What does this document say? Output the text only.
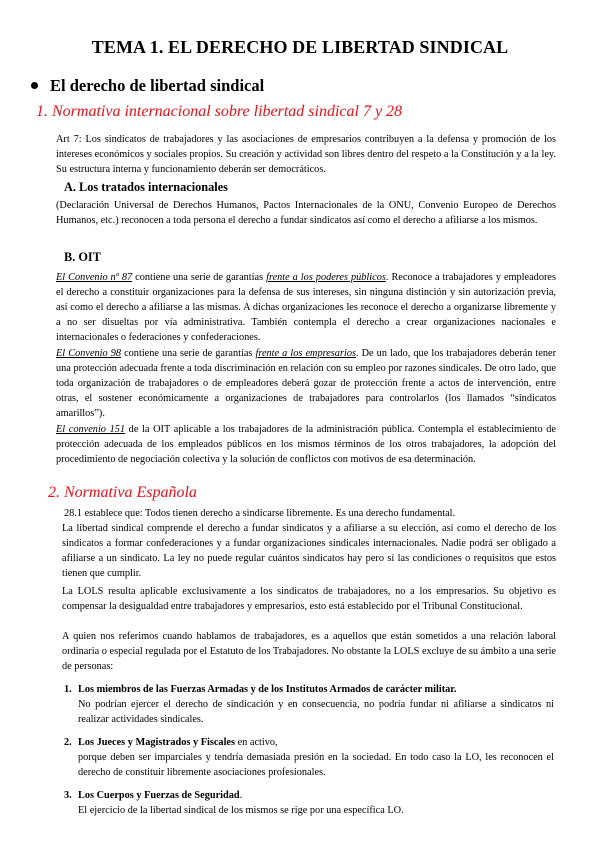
TEMA 1. EL DERECHO DE LIBERTAD SINDICAL
El derecho de libertad sindical
1. Normativa internacional sobre libertad sindical 7 y 28

Art 7: Los sindicatos de trabajadores y las asociaciones de empresarios contribuyen a la defensa y promoción de los intereses económicos y sociales propios. Su creación y actividad son libres dentro del respeto a la Constitución y a la ley. Su estructura interna y funcionamiento deberán ser democráticos.

A. Los tratados internacionales

(Declaración Universal de Derechos Humanos, Pactos Internacionales de la ONU, Convenio Europeo de Derechos Humanos, etc.) reconocen a toda persona el derecho a fundar sindicatos así como el derecho a afiliarse a los mismos.

B. OIT

El Convenio nº 87 contiene una serie de garantías frente a los poderes públicos. Reconoce a trabajadores y empleadores el derecho a constituir organizaciones para la defensa de sus intereses, sin ninguna distinción y sin autorización previa, así como el derecho a afiliarse a las mismas. A dichas organizaciones les reconoce el derecho a organizarse libremente y a no ser disueltas por vía administrativa. También contempla el derecho a crear organizaciones nacionales e internacionales o federaciones y confederaciones.

El Convenio 98 contiene una serie de garantías frente a los empresarios. De un lado, que los trabajadores deberán tener una protección adecuada frente a toda discriminación en relación con su empleo por razones sindicales. De otro lado, que toda organización de trabajadores o de empleadores deberá gozar de protección frente a actos de intervención, entre otras, el sostener económicamente a organizaciones de trabajadores para controlarlos (los llamados “sindicatos amarillos”).

El convenio 151 de la OIT aplicable a los trabajadores de la administración pública. Contempla el establecimiento de protección adecuada de los empleados públicos en los mismos términos de los otros trabajadores, la adopción del procedimiento de negociación colectiva y la solución de conflictos con motivos de esa determinación.

2. Normativa Española

28.1 establece que: Todos tienen derecho a sindicarse libremente. Es una derecho fundamental.

La libertad sindical comprende el derecho a fundar sindicatos y a afiliarse a su elección, así como el derecho de los sindicatos a formar confederaciones y a fundar organizaciones sindicales internacionales. Nadie podrá ser obligado a afiliarse a un sindicato. La ley no puede regular cuántos sindicatos hay pero sí las condiciones o requisitos que estos tienen que cumplir.

La LOLS resulta aplicable exclusivamente a los sindicatos de trabajadores, no a los empresarios. Su objetivo es compensar la desigualdad entre trabajadores y empresarios, esto está establecido por el Tribunal Constitucional.

A quien nos referimos cuando hablamos de trabajadores, es a aquellos que están sometidos a una relación laboral ordinaria o especial regulada por el Estatuto de los Trabajadores. No obstante la LOLS excluye de su ámbito a una serie de personas:

1. Los miembros de las Fuerzas Armadas y de los Institutos Armados de carácter militar.
No podrían ejercer el derecho de sindicación y en consecuencia, no podría fundar ni afiliarse a sindicatos ni realizar actividades sindicales.
2. Los Jueces y Magistrados y Fiscales en activo,
porque deben ser imparciales y tendría demasiada presión en la sociedad. En todo caso la LO, les reconocen el derecho de constituir libremente asociaciones profesionales.
3. Los Cuerpos y Fuerzas de Seguridad.
El ejercicio de la libertad sindical de los mismos se rige por una específica LO.
